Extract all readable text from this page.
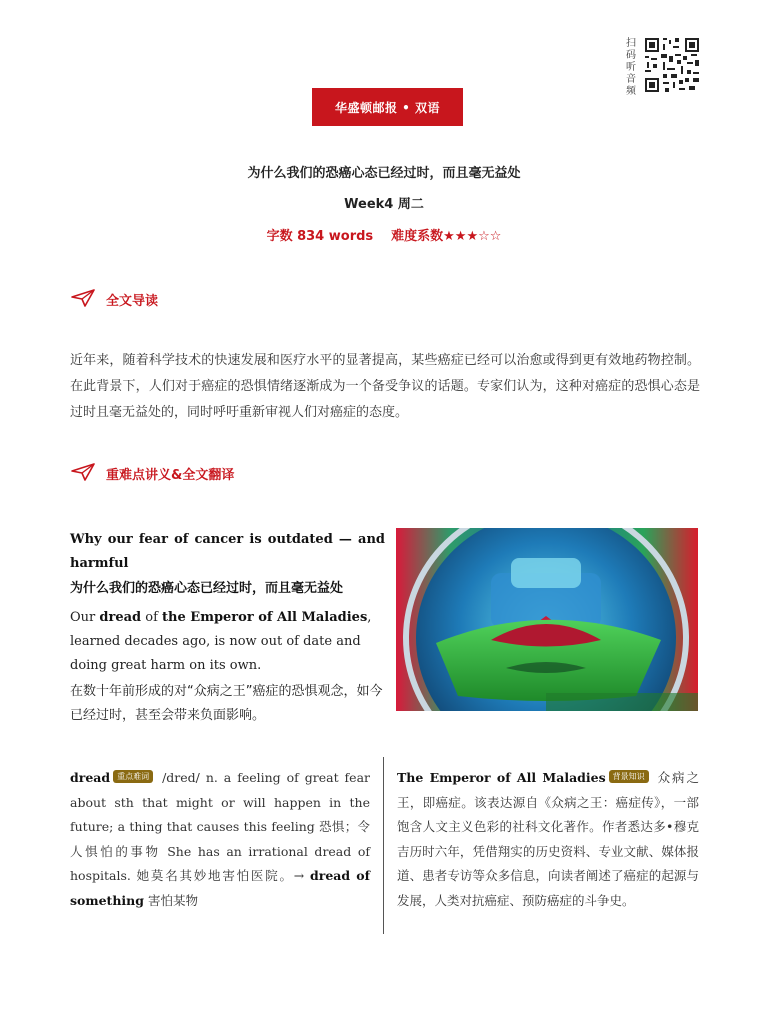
扫
码
听
音
频
华盛顿邮报 • 双语
为什么我们的恐癌心态已经过时，而且毫无益处
Week4 周二
字数 834 words 难度系数★★★☆☆
全文导读
近年来，随着科学技术的快速发展和医疗水平的显著提高，某些癌症已经可以治愈或得到更有效地药物控制。在此背景下，人们对于癌症的恐惧情绪逐渐成为一个备受争议的话题。专家们认为，这种对癌症的恐惧心态是过时且毫无益处的，同时呼吁重新审视人们对癌症的态度。
重难点讲义&全文翻译
Why our fear of cancer is outdated — and harmful
为什么我们的恐癌心态已经过时，而且毫无益处
Our dread of the Emperor of All Maladies, learned decades ago, is now out of date and doing great harm on its own.
在数十年前形成的对“众病之王”癌症的恐惧观念，如今已经过时，甚至会带来负面影响。
dread 重点难词 /dred/ n. a feeling of great fear about sth that might or will happen in the future; a thing that causes this feeling 恐惧；令人惧怕的事物 She has an irrational dread of hospitals. 她莫名其妙地害怕医院。→ dread of something 害怕某物
The Emperor of All Maladies 背景知识 众病之王，即癌症。该表达源自《众病之王：癌症传》，一部饱含人文主义色彩的社科文化著作。作者悉达多•穆克吉历时六年，凭借翔实的历史资料、专业文献、媒体报道、患者专访等众多信息，向读者阐述了癌症的起源与发展，人类对抗癌症、预防癌症的斗争史。
